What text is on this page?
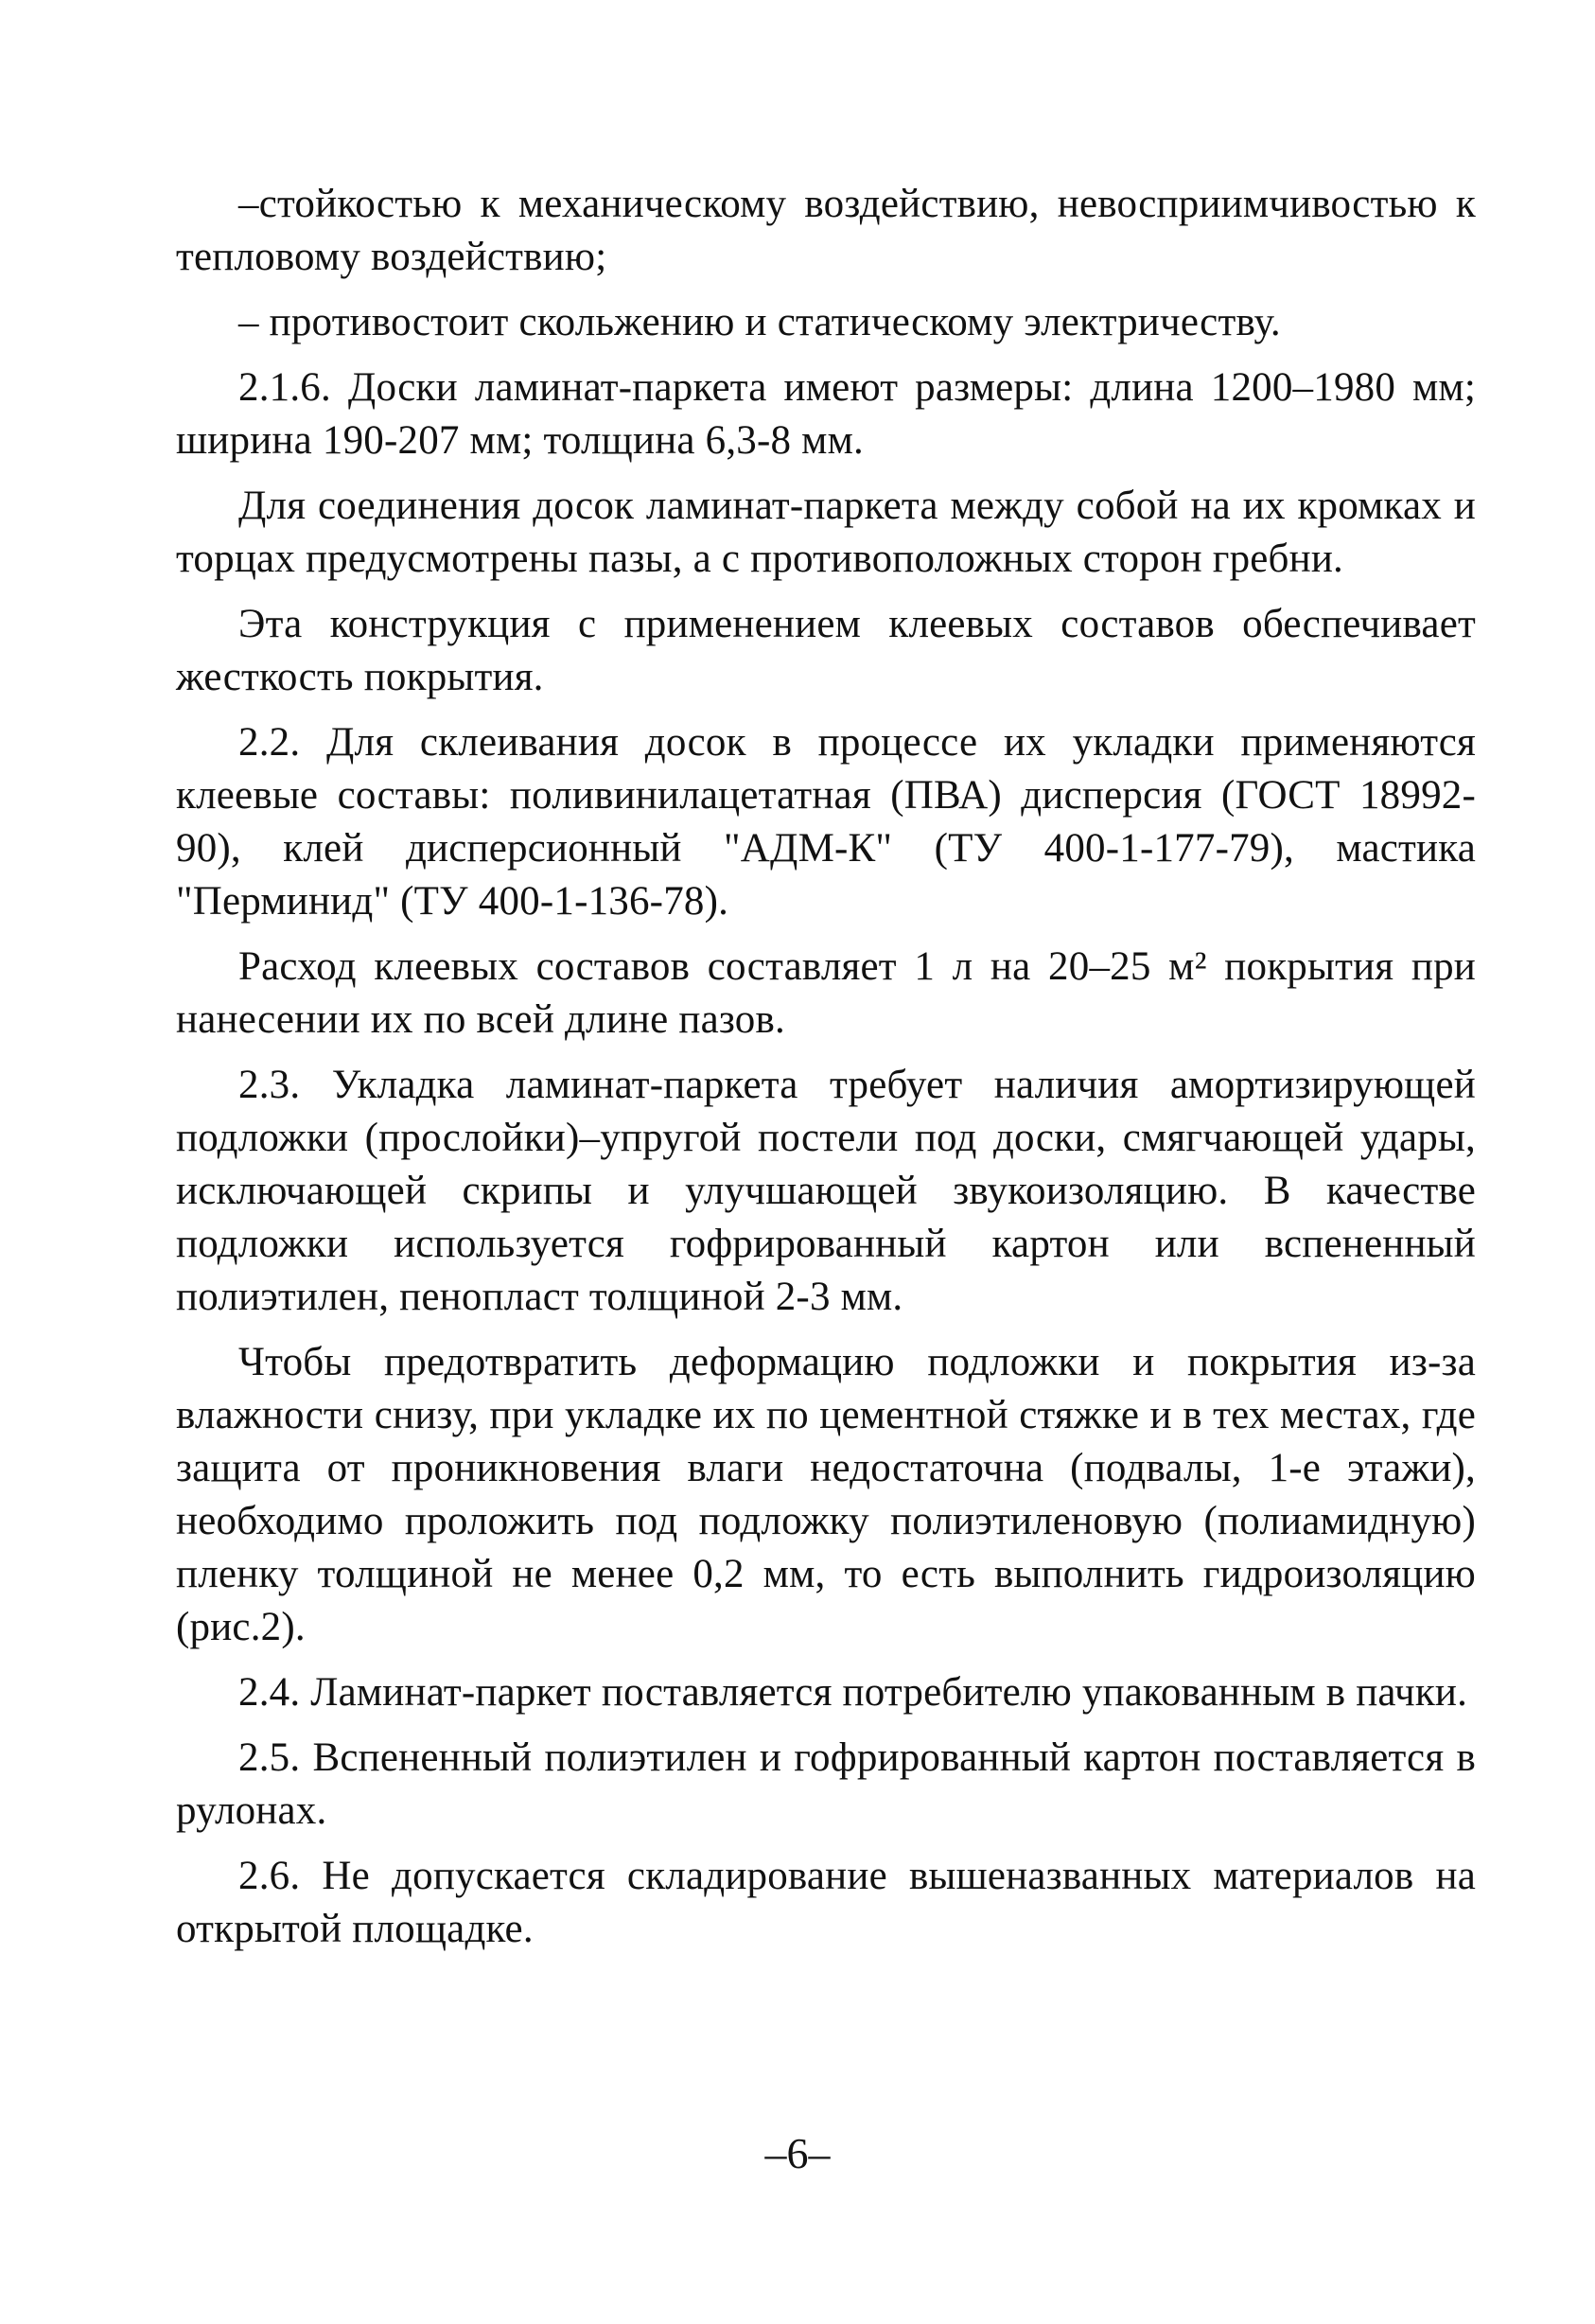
–стойкостью к механическому воздействию, невосприимчивостью к тепловому воздействию;

– противостоит скольжению и статическому электричеству.

2.1.6. Доски ламинат-паркета имеют размеры: длина 1200–1980 мм; ширина 190-207 мм; толщина 6,3-8 мм.

Для соединения досок ламинат-паркета между собой на их кромках и торцах предусмотрены пазы, а с противоположных сторон гребни.

Эта конструкция с применением клеевых составов обеспечивает жесткость покрытия.

2.2. Для склеивания досок в процессе их укладки применяются клеевые составы: поливинилацетатная (ПВА) дисперсия (ГОСТ 18992-90), клей дисперсионный "АДМ-К" (ТУ 400-1-177-79), мастика "Перминид" (ТУ 400-1-136-78).

Расход клеевых составов составляет 1 л на 20–25 м² покрытия при нанесении их по всей длине пазов.

2.3. Укладка ламинат-паркета требует наличия амортизирующей подложки (прослойки)–упругой постели под доски, смягчающей удары, исключающей скрипы и улучшающей звукоизоляцию. В качестве подложки используется гофрированный картон или вспененный полиэтилен, пенопласт толщиной 2-3 мм.

Чтобы предотвратить деформацию подложки и покрытия из-за влажности снизу, при укладке их по цементной стяжке и в тех местах, где защита от проникновения влаги недостаточна (подвалы, 1-е этажи), необходимо проложить под подложку полиэтиленовую (полиамидную) пленку толщиной не менее 0,2 мм, то есть выполнить гидроизоляцию (рис.2).

2.4. Ламинат-паркет поставляется потребителю упакованным в пачки.

2.5. Вспененный полиэтилен и гофрированный картон поставляется в рулонах.

2.6. Не допускается складирование вышеназванных материалов на открытой площадке.

–6–
